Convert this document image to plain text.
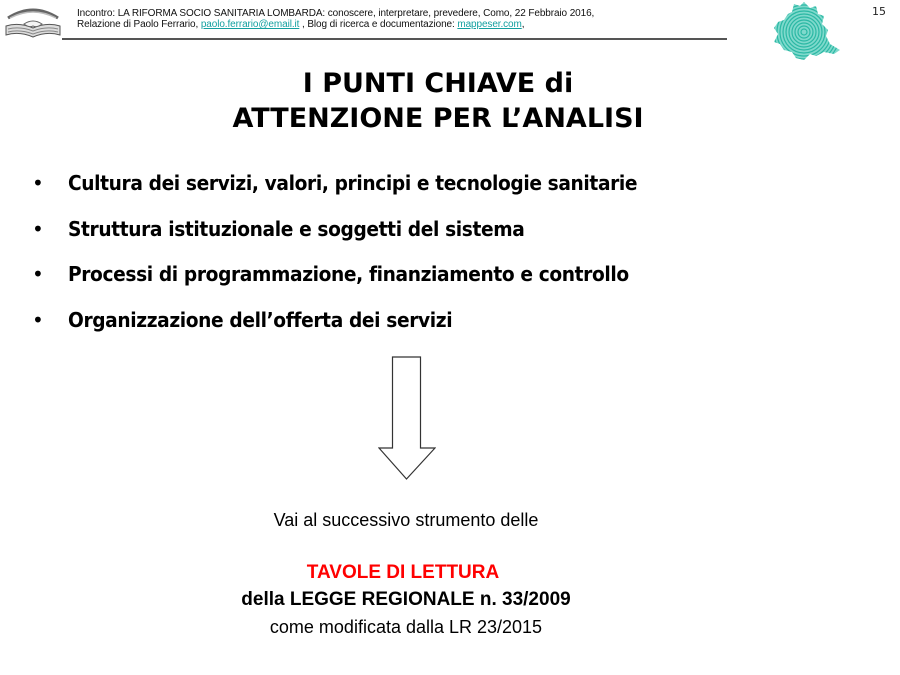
Incontro: LA RIFORMA SOCIO SANITARIA LOMBARDA: conoscere, interpretare, prevedere, Como, 22 Febbraio 2016,
Relazione di Paolo Ferrario, paolo.ferrario@email.it , Blog di ricerca e documentazione: mappeser.com,
15
I PUNTI CHIAVE di
ATTENZIONE PER L’ANALISI
•	Cultura dei servizi, valori, principi e tecnologie sanitarie
•	Struttura istituzionale e soggetti del sistema
•	Processi di programmazione, finanziamento e controllo
•	Organizzazione dell’offerta dei servizi
Vai al successivo strumento delle
TAVOLE DI LETTURA
della LEGGE REGIONALE n. 33/2009
come modificata dalla LR 23/2015
